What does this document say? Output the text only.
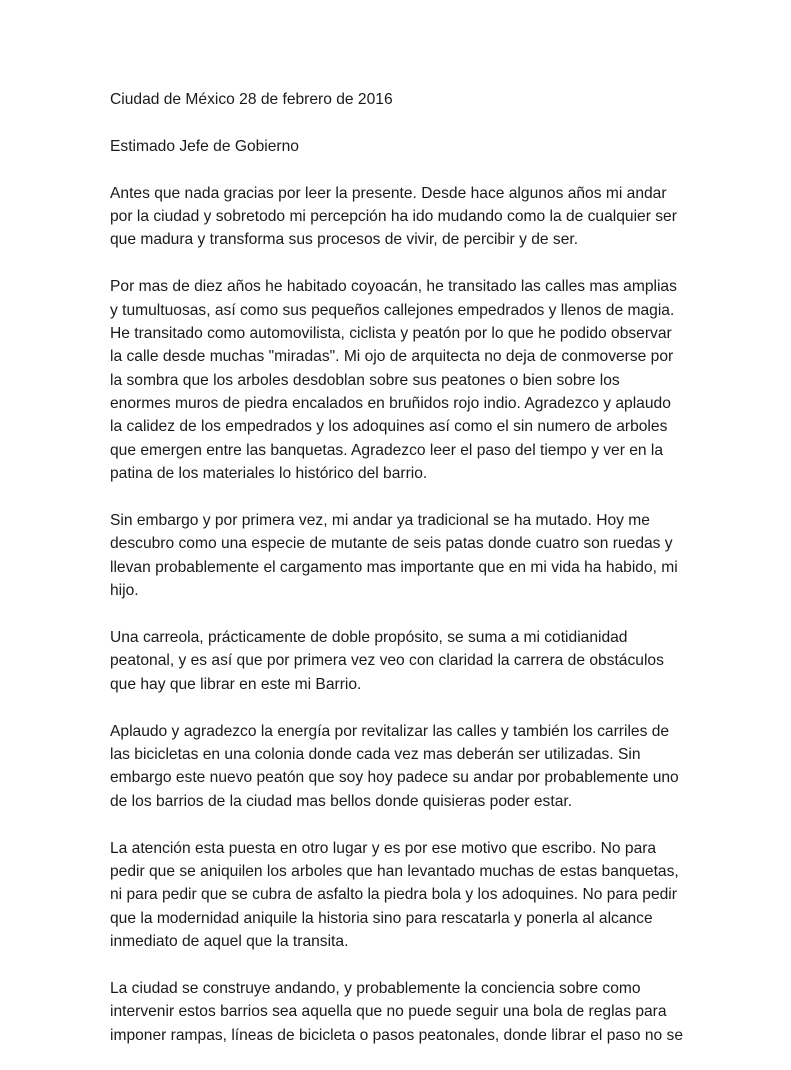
Ciudad de México 28 de febrero de 2016

Estimado Jefe de Gobierno

Antes que nada gracias por leer la presente. Desde hace algunos años mi andar
por la ciudad y sobretodo mi percepción ha ido mudando como la de cualquier ser
que madura y transforma sus procesos de vivir, de percibir y de ser.

Por mas de diez años he habitado coyoacán, he transitado las calles mas amplias
y tumultuosas, así como sus pequeños callejones empedrados y llenos de magia.
He transitado como automovilista, ciclista y peatón por lo que he podido observar
la calle desde muchas "miradas". Mi ojo de arquitecta no deja de conmoverse por
la sombra que los arboles desdoblan sobre sus peatones o bien sobre los
enormes muros de piedra encalados en bruñidos rojo indio. Agradezco y aplaudo
la calidez de los empedrados y los adoquines así como el sin numero de arboles
que emergen entre las banquetas. Agradezco leer el paso del tiempo y ver en la
patina de los materiales lo histórico del barrio.

Sin embargo y por primera vez, mi andar ya tradicional se ha mutado. Hoy me
descubro como una especie de mutante de seis patas donde cuatro son ruedas y
llevan probablemente el cargamento mas importante que en mi vida ha habido, mi
hijo.

Una carreola, prácticamente de doble propósito, se suma a mi cotidianidad
peatonal, y es así que por primera vez veo con claridad la carrera de obstáculos
que hay que librar en este mi Barrio.

Aplaudo y agradezco la energía por revitalizar las calles y también los carriles de
las bicicletas en una colonia donde cada vez mas deberán ser utilizadas. Sin
embargo este nuevo peatón que soy hoy padece su andar por probablemente uno
de los barrios de la ciudad mas bellos donde quisieras poder estar.

La atención esta puesta en otro lugar y es por ese motivo que escribo. No para
pedir que se aniquilen los arboles que han levantado muchas de estas banquetas,
ni para pedir que se cubra de asfalto la piedra bola y los adoquines. No para pedir
que la modernidad aniquile la historia sino para rescatarla y ponerla al alcance
inmediato de aquel que la transita.

La ciudad se construye andando, y probablemente la conciencia sobre como
intervenir estos barrios sea aquella que no puede seguir una bola de reglas para
imponer rampas, líneas de bicicleta o pasos peatonales, donde librar el paso no se
